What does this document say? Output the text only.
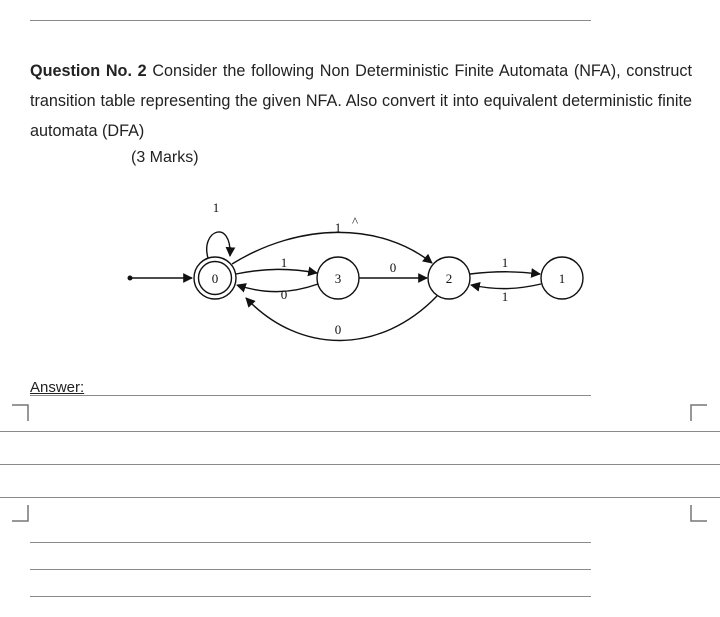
Question No. 2 Consider the following Non Deterministic Finite Automata (NFA), construct transition table representing the given NFA. Also convert it into equivalent deterministic finite automata (DFA)
(3 Marks)
0
1
3	2	1
1 ^
1
0
0
0
1
1
Answer:
